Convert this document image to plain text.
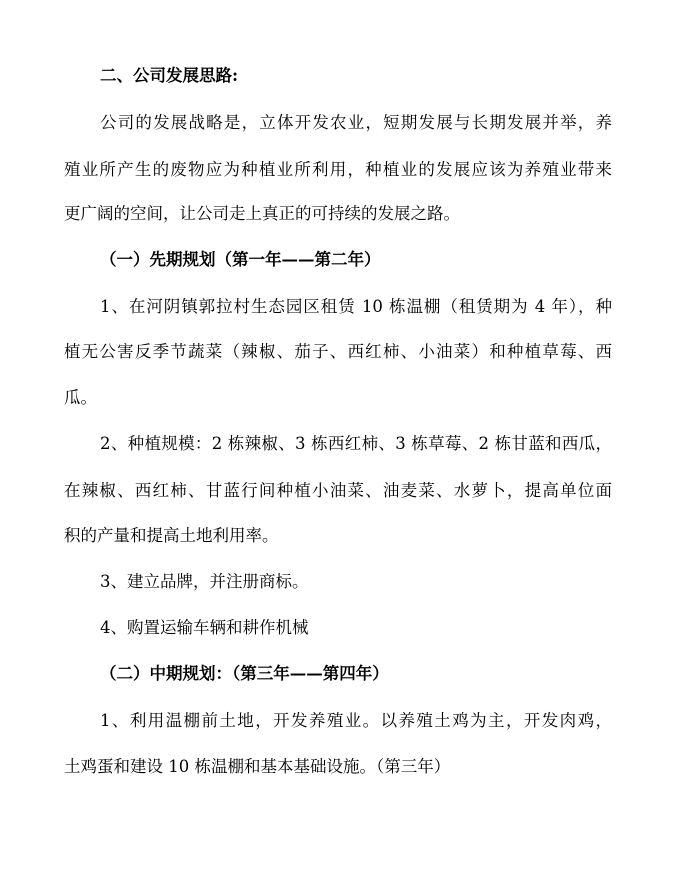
二、公司发展思路:
公司的发展战略是，立体开发农业，短期发展与长期发展并举，养
殖业所产生的废物应为种植业所利用，种植业的发展应该为养殖业带来
更广阔的空间，让公司走上真正的可持续的发展之路。
（一）先期规划（第一年——第二年）
1、在河阴镇郭拉村生态园区租赁 10 栋温棚（租赁期为 4 年），种
植无公害反季节蔬菜（辣椒、茄子、西红柿、小油菜）和种植草莓、西
瓜。
2、种植规模：2 栋辣椒、3 栋西红柿、3 栋草莓、2 栋甘蓝和西瓜，
在辣椒、西红柿、甘蓝行间种植小油菜、油麦菜、水萝卜，提高单位面
积的产量和提高土地利用率。
3、建立品牌，并注册商标。
4、购置运输车辆和耕作机械
（二）中期规划：（第三年——第四年）
1、利用温棚前土地，开发养殖业。以养殖土鸡为主，开发肉鸡，
土鸡蛋和建设 10 栋温棚和基本基础设施。（第三年）
